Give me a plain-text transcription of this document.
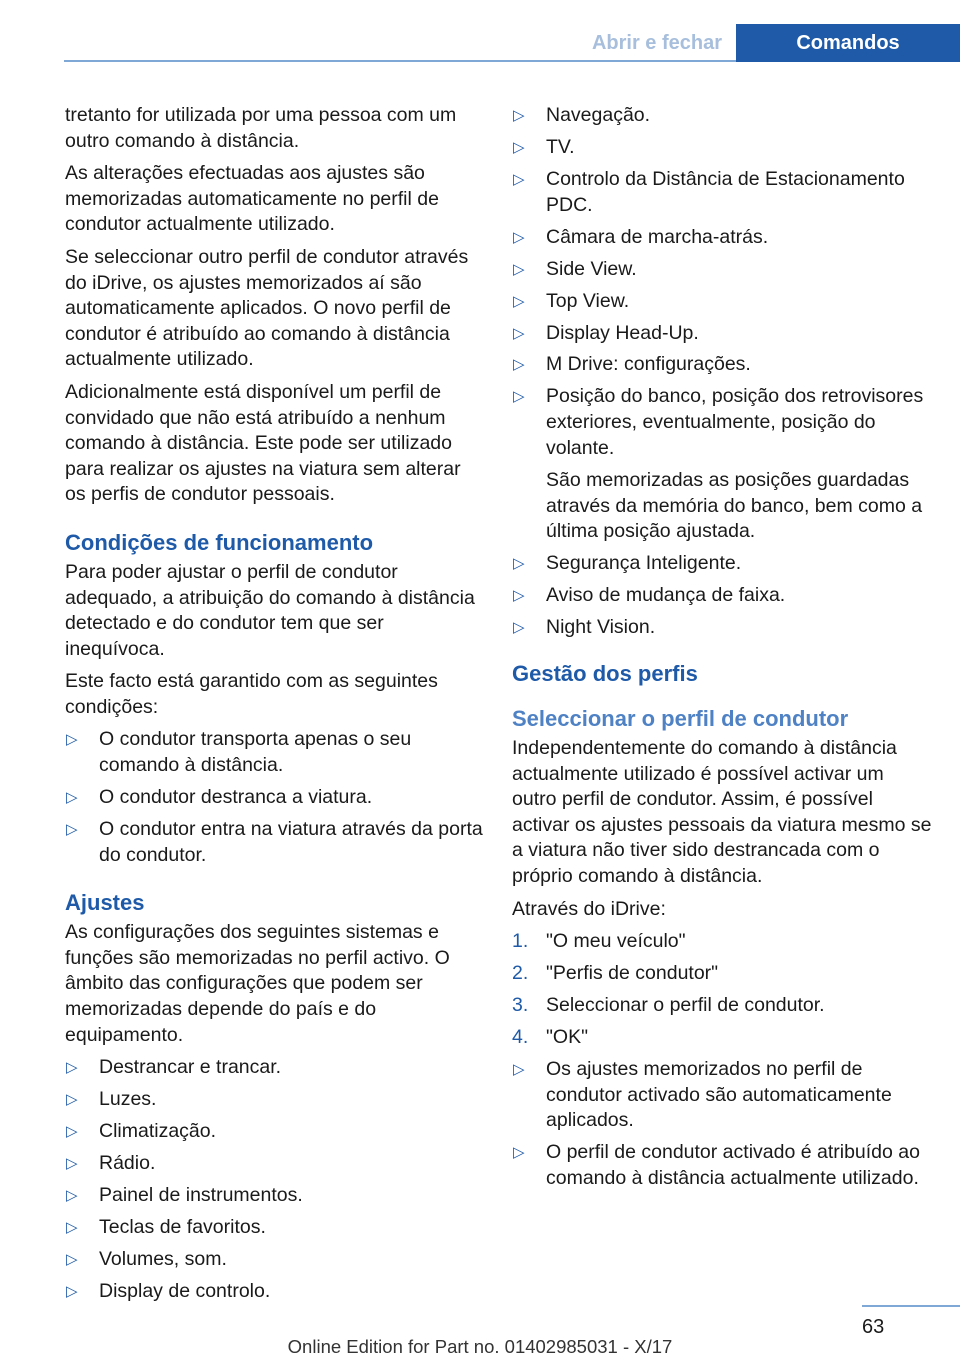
Abrir e fechar	Comandos

tretanto for utilizada por uma pessoa com um outro comando à distância.

As alterações efectuadas aos ajustes são memorizadas automaticamente no perfil de condutor actualmente utilizado.

Se seleccionar outro perfil de condutor através do iDrive, os ajustes memorizados aí são automaticamente aplicados. O novo perfil de condutor é atribuído ao comando à distância actualmente utilizado.

Adicionalmente está disponível um perfil de convidado que não está atribuído a nenhum comando à distância. Este pode ser utilizado para realizar os ajustes na viatura sem alterar os perfis de condutor pessoais.

Condições de funcionamento

Para poder ajustar o perfil de condutor adequado, a atribuição do comando à distância detectado e do condutor tem que ser inequívoca.

Este facto está garantido com as seguintes condições:

▷ O condutor transporta apenas o seu comando à distância.
▷ O condutor destranca a viatura.
▷ O condutor entra na viatura através da porta do condutor.
Ajustes

As configurações dos seguintes sistemas e funções são memorizadas no perfil activo. O âmbito das configurações que podem ser memorizadas depende do país e do equipamento.

▷ Destrancar e trancar.
▷ Luzes.
▷ Climatização.
▷ Rádio.
▷ Painel de instrumentos.
▷ Teclas de favoritos.
▷ Volumes, som.
▷ Display de controlo.
▷ Navegação.
▷ TV.
▷ Controlo da Distância de Estacionamento PDC.
▷ Câmara de marcha-atrás.
▷ Side View.
▷ Top View.
▷ Display Head-Up.
▷ M Drive: configurações.
▷ Posição do banco, posição dos retrovisores exteriores, eventualmente, posição do volante.

São memorizadas as posições guardadas através da memória do banco, bem como a última posição ajustada.

▷ Segurança Inteligente.
▷ Aviso de mudança de faixa.
▷ Night Vision.
Gestão dos perfis
Seleccionar o perfil de condutor

Independentemente do comando à distância actualmente utilizado é possível activar um outro perfil de condutor. Assim, é possível activar os ajustes pessoais da viatura mesmo se a viatura não tiver sido destrancada com o próprio comando à distância.

Através do iDrive:

1. "O meu veículo"
2. "Perfis de condutor"
3. Seleccionar o perfil de condutor.
4. "OK"
▷ Os ajustes memorizados no perfil de condutor activado são automaticamente aplicados.
▷ O perfil de condutor activado é atribuído ao comando à distância actualmente utilizado.
63
Online Edition for Part no. 01402985031 - X/17
